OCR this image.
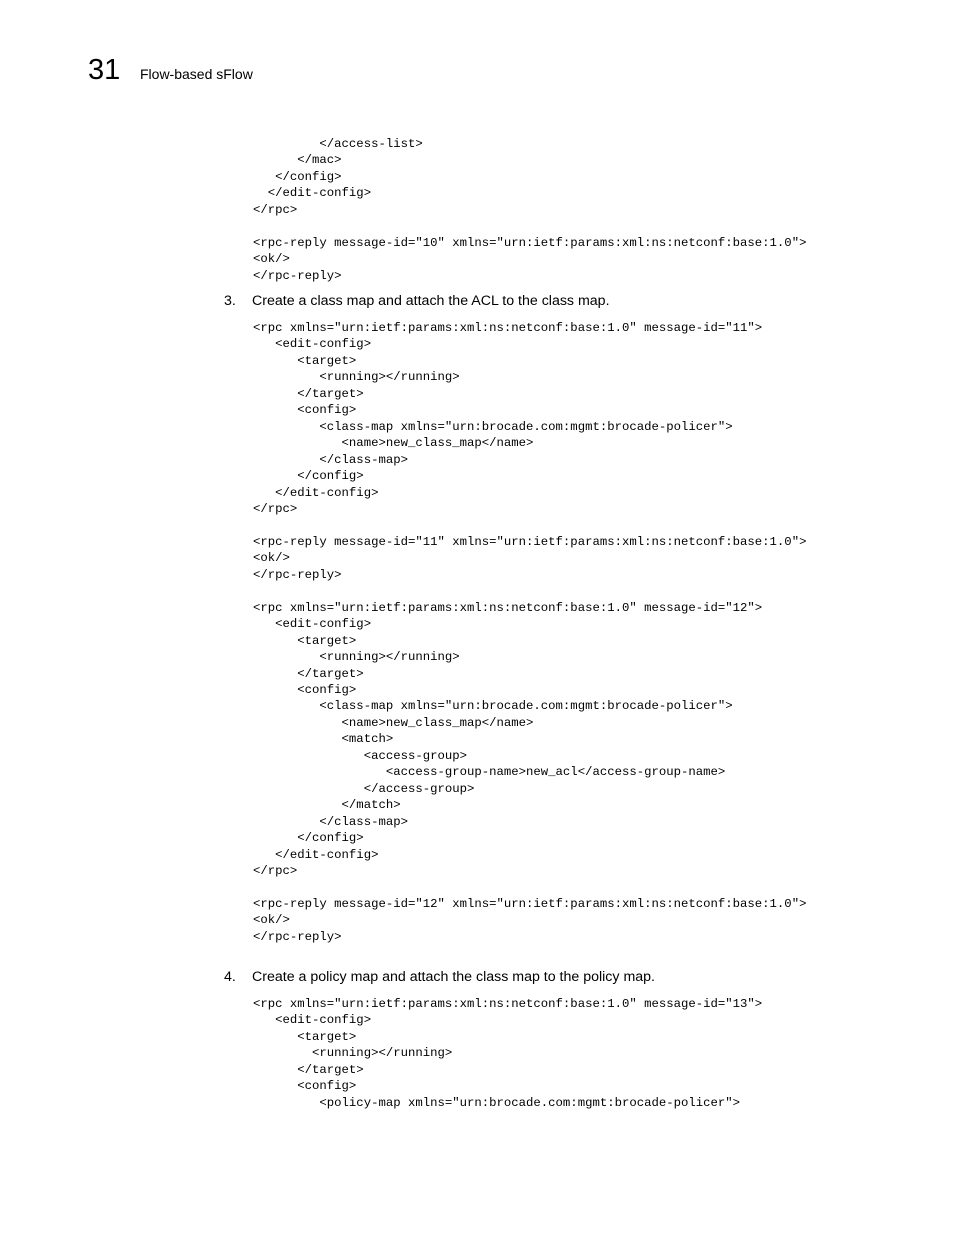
31 Flow-based sFlow
</access-list>
</mac>
</config>
</edit-config>
</rpc>

<rpc-reply message-id="10" xmlns="urn:ietf:params:xml:ns:netconf:base:1.0">
<ok/>
</rpc-reply>
3. Create a class map and attach the ACL to the class map.
<rpc xmlns="urn:ietf:params:xml:ns:netconf:base:1.0" message-id="11">
<edit-config>
<target>
<running></running>
</target>
<config>
<class-map xmlns="urn:brocade.com:mgmt:brocade-policer">
<name>new_class_map</name>
</class-map>
</config>
</edit-config>
</rpc>

<rpc-reply message-id="11" xmlns="urn:ietf:params:xml:ns:netconf:base:1.0">
<ok/>
</rpc-reply>

<rpc xmlns="urn:ietf:params:xml:ns:netconf:base:1.0" message-id="12">
<edit-config>
<target>
<running></running>
</target>
<config>
<class-map xmlns="urn:brocade.com:mgmt:brocade-policer">
<name>new_class_map</name>
<match>
<access-group>
<access-group-name>new_acl</access-group-name>
</access-group>
</match>
</class-map>
</config>
</edit-config>
</rpc>

<rpc-reply message-id="12" xmlns="urn:ietf:params:xml:ns:netconf:base:1.0">
<ok/>
</rpc-reply>
4. Create a policy map and attach the class map to the policy map.
<rpc xmlns="urn:ietf:params:xml:ns:netconf:base:1.0" message-id="13">
<edit-config>
<target>
<running></running>
</target>
<config>
<policy-map xmlns="urn:brocade.com:mgmt:brocade-policer">
